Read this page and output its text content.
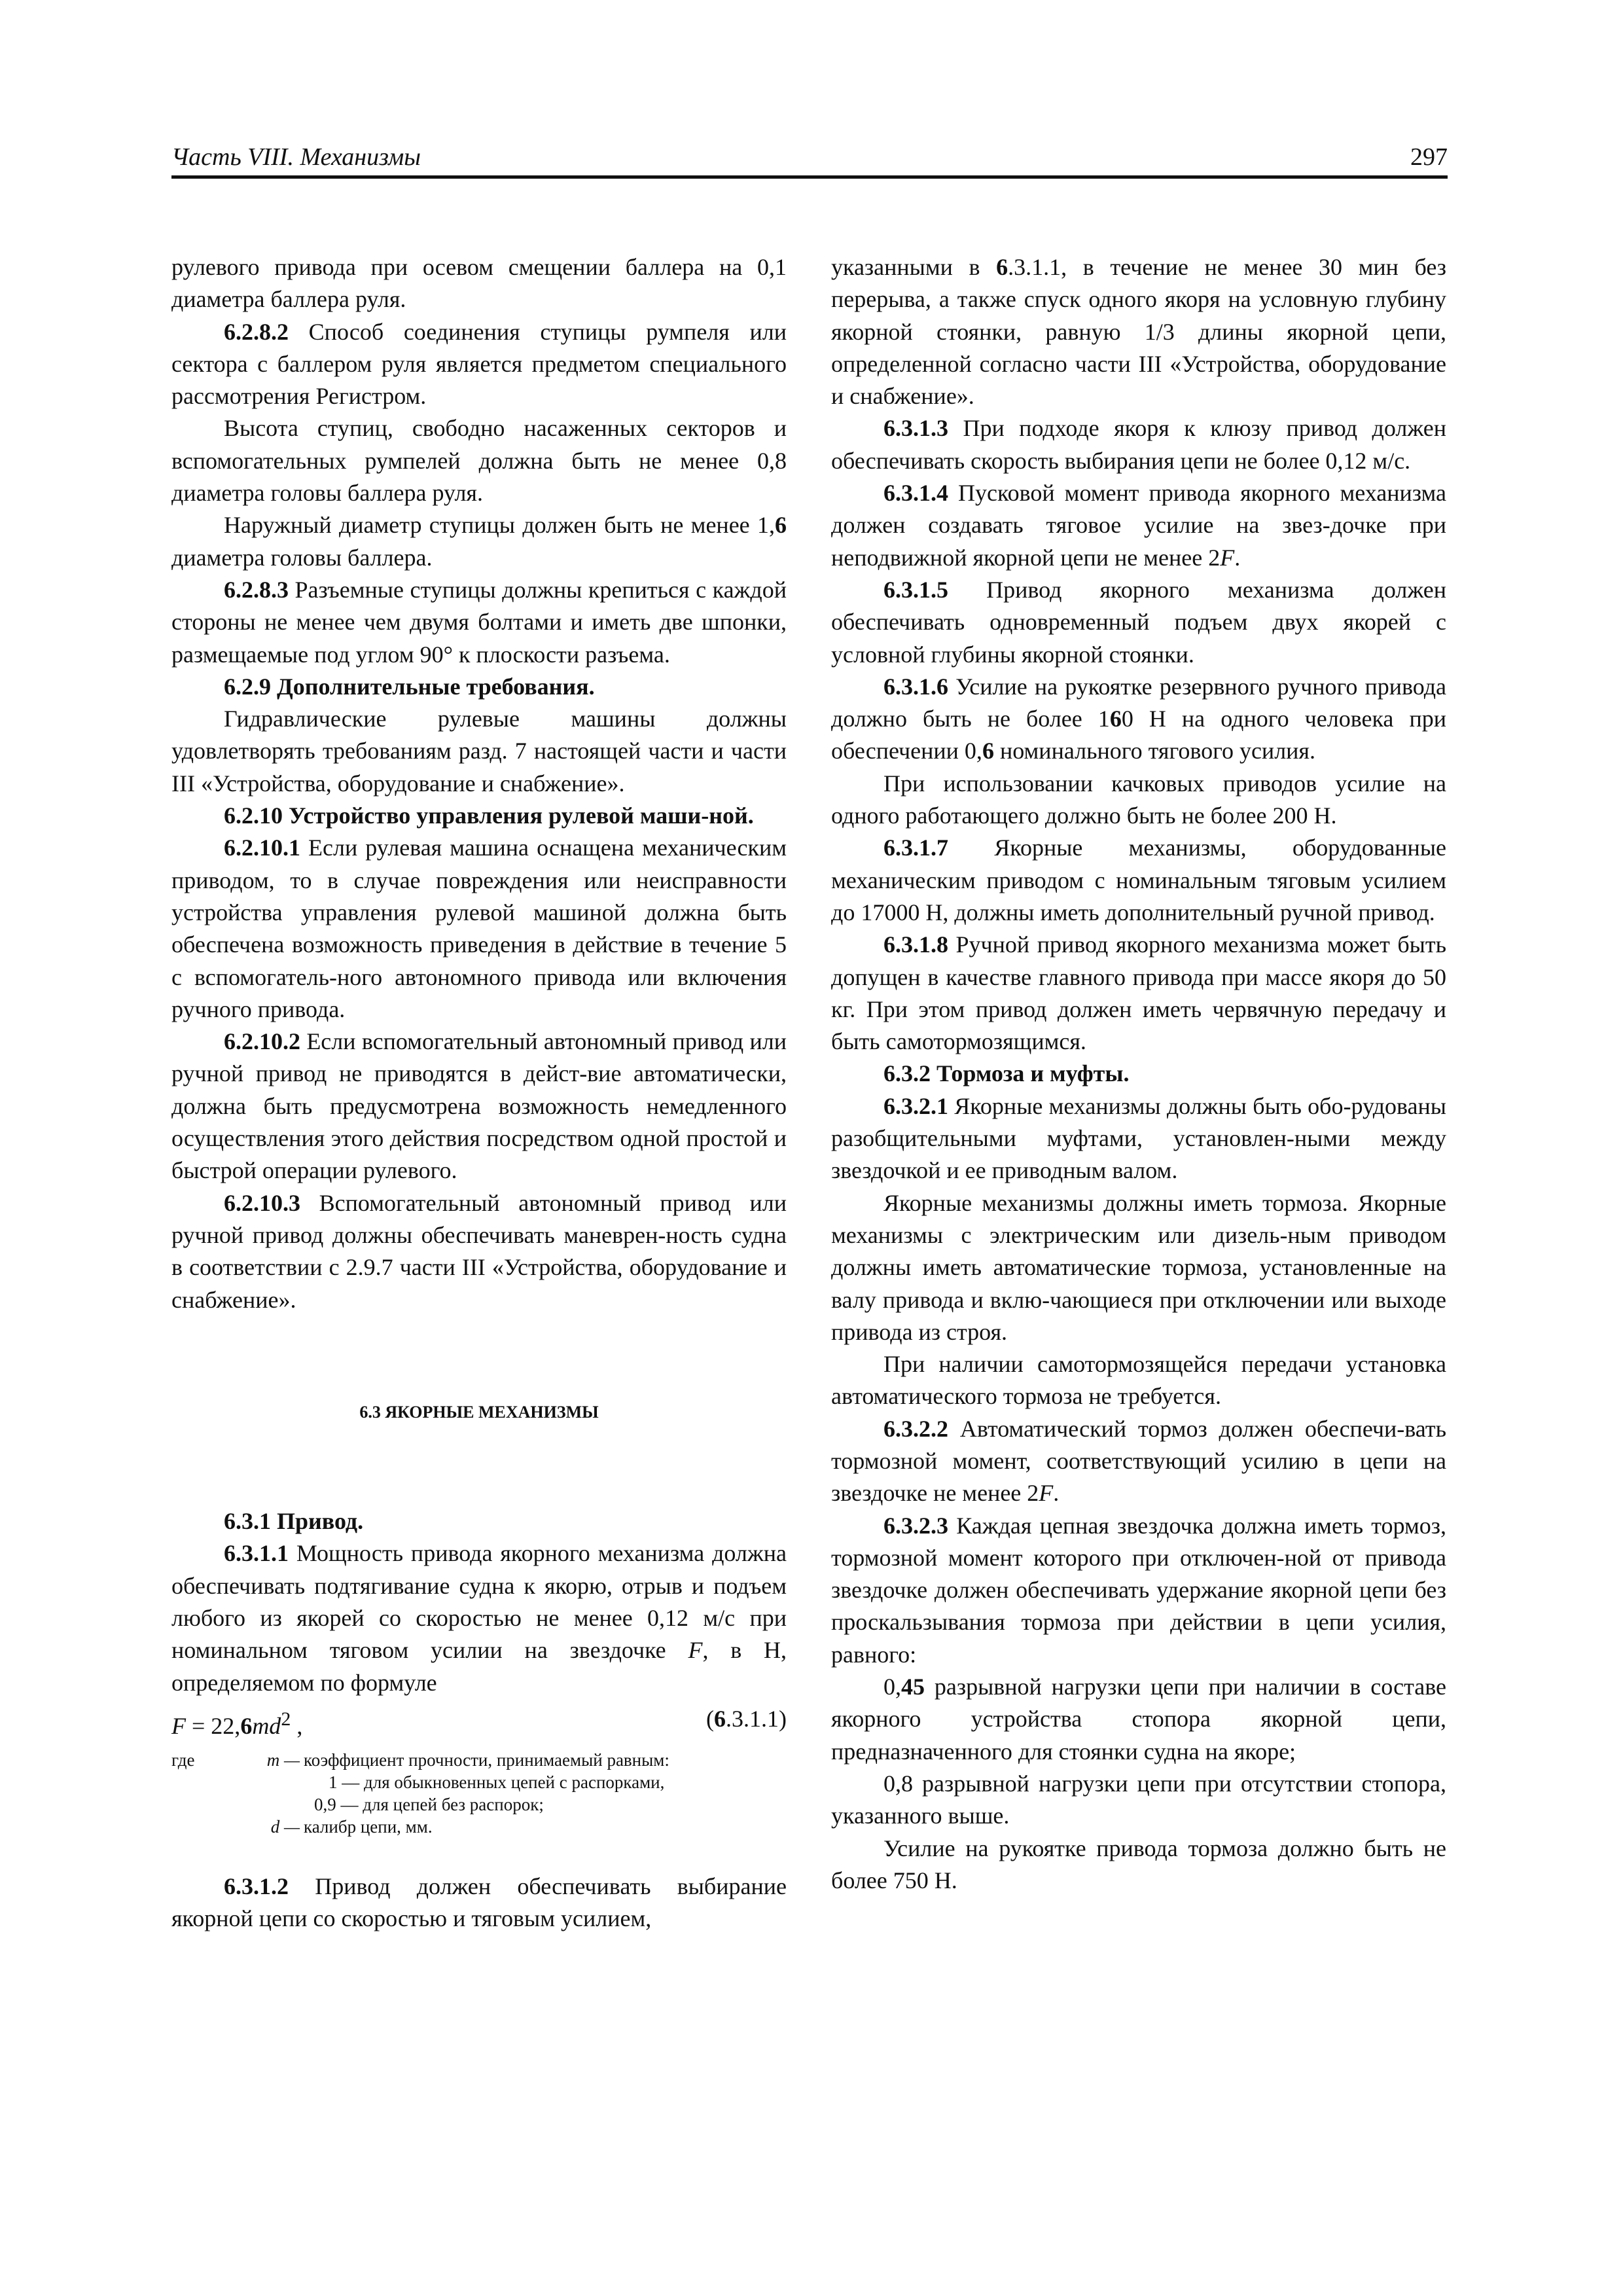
Часть VIII. Механизмы	297

рулевого привода при осевом смещении баллера на 0,1 диаметра баллера руля.

6.2.8.2 Способ соединения ступицы румпеля или сектора с баллером руля является предметом специального рассмотрения Регистром.

Высота ступиц, свободно насаженных секторов и вспомогательных румпелей должна быть не менее 0,8 диаметра головы баллера руля.

Наружный диаметр ступицы должен быть не менее 1,6 диаметра головы баллера.

6.2.8.3 Разъемные ступицы должны крепиться с каждой стороны не менее чем двумя болтами и иметь две шпонки, размещаемые под углом 90° к плоскости разъема.

6.2.9 Дополнительные требования.

Гидравлические рулевые машины должны удовлетворять требованиям разд. 7 настоящей части и части III «Устройства, оборудование и снабжение».

6.2.10 Устройство управления рулевой маши-ной.

6.2.10.1 Если рулевая машина оснащена механическим приводом, то в случае повреждения или неисправности устройства управления рулевой машиной должна быть обеспечена возможность приведения в действие в течение 5 с вспомогатель-ного автономного привода или включения ручного привода.

6.2.10.2 Если вспомогательный автономный привод или ручной привод не приводятся в дейст-вие автоматически, должна быть предусмотрена возможность немедленного осуществления этого действия посредством одной простой и быстрой операции рулевого.

6.2.10.3 Вспомогательный автономный привод или ручной привод должны обеспечивать маневрен-ность судна в соответствии с 2.9.7 части III «Устройства, оборудование и снабжение».

6.3 ЯКОРНЫЕ МЕХАНИЗМЫ

6.3.1 Привод.

6.3.1.1 Мощность привода якорного механизма должна обеспечивать подтягивание судна к якорю, отрыв и подъем любого из якорей со скоростью не менее 0,12 м/с при номинальном тяговом усилии на звездочке F, в Н, определяемом по формуле

$F = 22,6md^2$ ,	(6.3.1.1)
где	m — коэффициент прочности, принимаемый равным:
1 — для обыкновенных цепей с распорками,
0,9 — для цепей без распорок;
d — калибр цепи, мм.

6.3.1.2 Привод должен обеспечивать выбирание якорной цепи со скоростью и тяговым усилием,

указанными в 6.3.1.1, в течение не менее 30 мин без перерыва, а также спуск одного якоря на условную глубину якорной стоянки, равную 1/3 длины якорной цепи, определенной согласно части III «Устройства, оборудование и снабжение».

6.3.1.3 При подходе якоря к клюзу привод должен обеспечивать скорость выбирания цепи не более 0,12 м/с.

6.3.1.4 Пусковой момент привода якорного механизма должен создавать тяговое усилие на звез-дочке при неподвижной якорной цепи не менее 2F.

6.3.1.5 Привод якорного механизма должен обеспечивать одновременный подъем двух якорей с условной глубины якорной стоянки.

6.3.1.6 Усилие на рукоятке резервного ручного привода должно быть не более 160 Н на одного человека при обеспечении 0,6 номинального тягового усилия.

При использовании качковых приводов усилие на одного работающего должно быть не более 200 Н.

6.3.1.7 Якорные механизмы, оборудованные механическим приводом с номинальным тяговым усилием до 17000 Н, должны иметь дополнительный ручной привод.

6.3.1.8 Ручной привод якорного механизма может быть допущен в качестве главного привода при массе якоря до 50 кг. При этом привод должен иметь червячную передачу и быть самотормозящимся.

6.3.2 Тормоза и муфты.

6.3.2.1 Якорные механизмы должны быть обо-рудованы разобщительными муфтами, установлен-ными между звездочкой и ее приводным валом.

Якорные механизмы должны иметь тормоза. Якорные механизмы с электрическим или дизель-ным приводом должны иметь автоматические тормоза, установленные на валу привода и вклю-чающиеся при отключении или выходе привода из строя.

При наличии самотормозящейся передачи установка автоматического тормоза не требуется.

6.3.2.2 Автоматический тормоз должен обеспечи-вать тормозной момент, соответствующий усилию в цепи на звездочке не менее 2F.

6.3.2.3 Каждая цепная звездочка должна иметь тормоз, тормозной момент которого при отключен-ной от привода звездочке должен обеспечивать удержание якорной цепи без проскальзывания тормоза при действии в цепи усилия, равного:

0,45 разрывной нагрузки цепи при наличии в составе якорного устройства стопора якорной цепи, предназначенного для стоянки судна на якоре;

0,8 разрывной нагрузки цепи при отсутствии стопора, указанного выше.

Усилие на рукоятке привода тормоза должно быть не более 750 Н.
